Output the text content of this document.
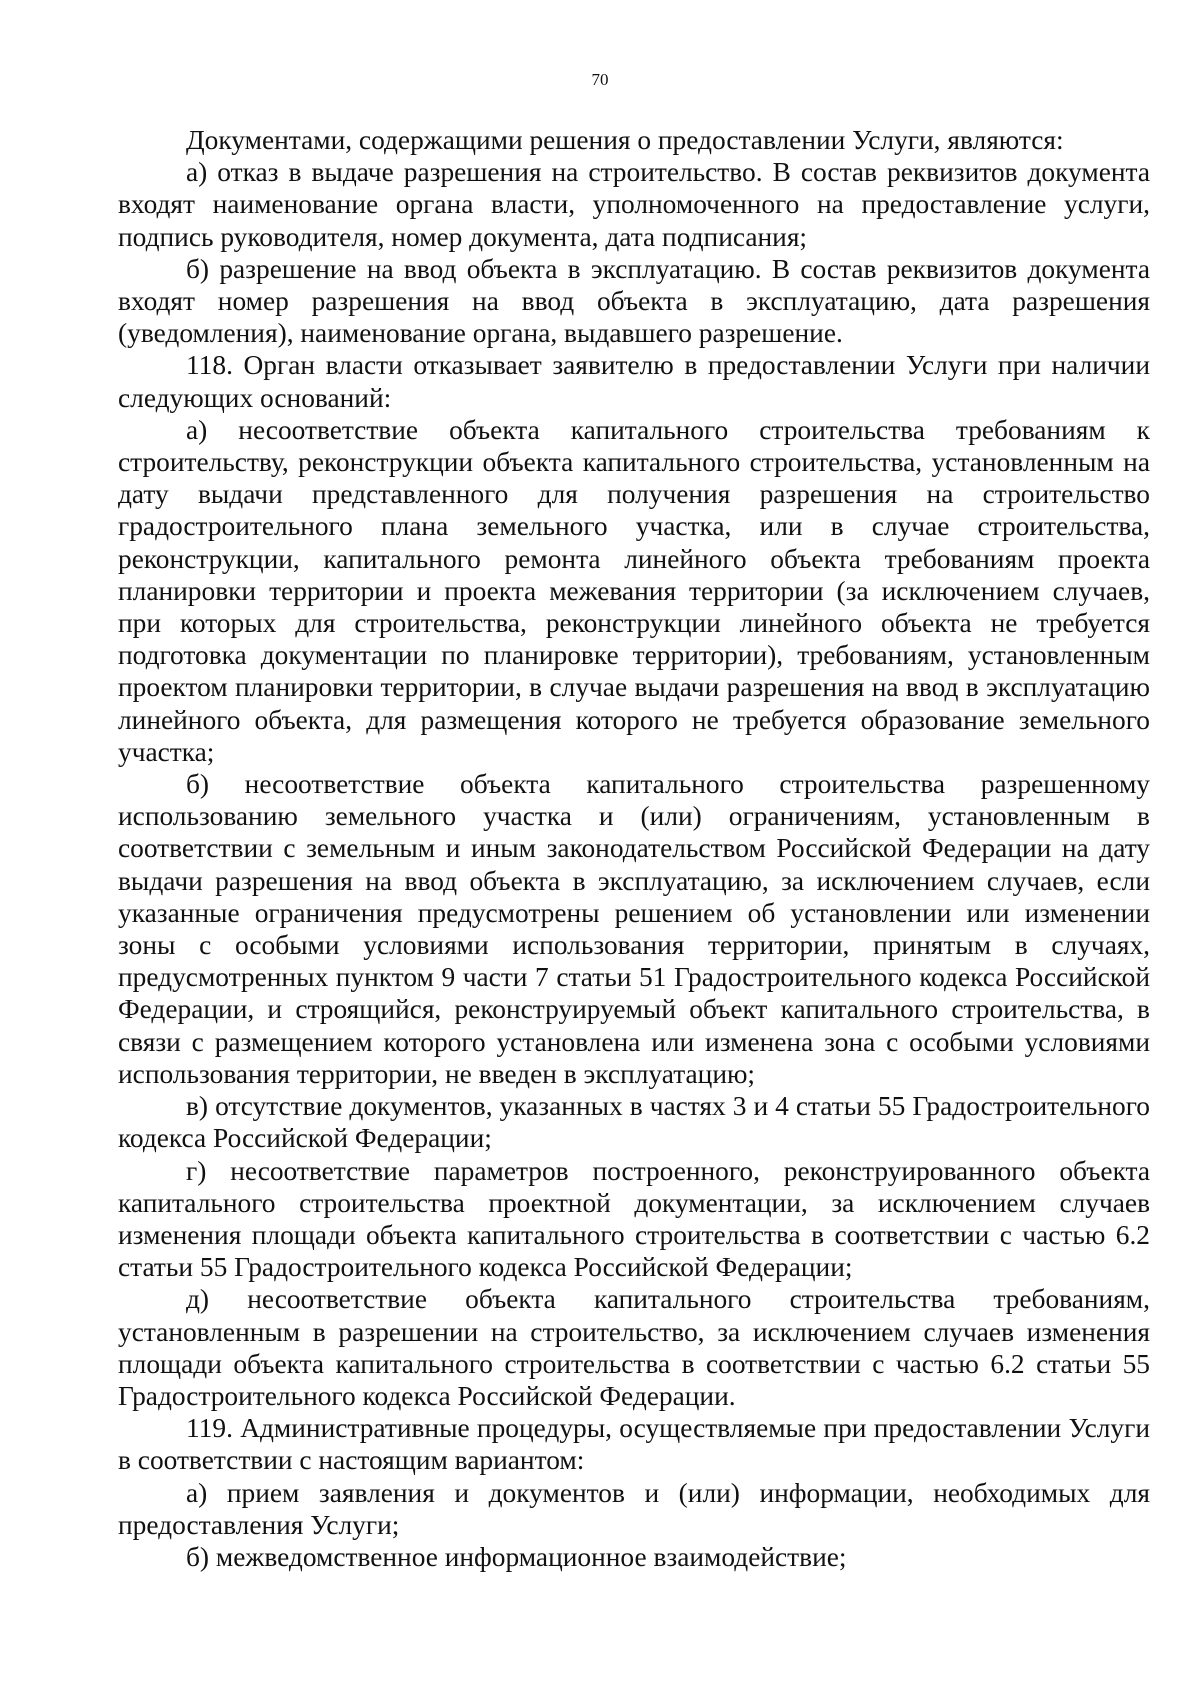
70

Документами, содержащими решения о предоставлении Услуги, являются:

а) отказ в выдаче разрешения на строительство. В состав реквизитов документа входят наименование органа власти, уполномоченного на предоставление услуги, подпись руководителя, номер документа, дата подписания;

б) разрешение на ввод объекта в эксплуатацию. В состав реквизитов документа входят номер разрешения на ввод объекта в эксплуатацию, дата разрешения (уведомления), наименование органа, выдавшего разрешение.

118. Орган власти отказывает заявителю в предоставлении Услуги при наличии следующих оснований:

а) несоответствие объекта капитального строительства требованиям к строительству, реконструкции объекта капитального строительства, установленным на дату выдачи представленного для получения разрешения на строительство градостроительного плана земельного участка, или в случае строительства, реконструкции, капитального ремонта линейного объекта требованиям проекта планировки территории и проекта межевания территории (за исключением случаев, при которых для строительства, реконструкции линейного объекта не требуется подготовка документации по планировке территории), требованиям, установленным проектом планировки территории, в случае выдачи разрешения на ввод в эксплуатацию линейного объекта, для размещения которого не требуется образование земельного участка;

б) несоответствие объекта капитального строительства разрешенному использованию земельного участка и (или) ограничениям, установленным в соответствии с земельным и иным законодательством Российской Федерации на дату выдачи разрешения на ввод объекта в эксплуатацию, за исключением случаев, если указанные ограничения предусмотрены решением об установлении или изменении зоны с особыми условиями использования территории, принятым в случаях, предусмотренных пунктом 9 части 7 статьи 51 Градостроительного кодекса Российской Федерации, и строящийся, реконструируемый объект капитального строительства, в связи с размещением которого установлена или изменена зона с особыми условиями использования территории, не введен в эксплуатацию;

в) отсутствие документов, указанных в частях 3 и 4 статьи 55 Градостроительного кодекса Российской Федерации;

г) несоответствие параметров построенного, реконструированного объекта капитального строительства проектной документации, за исключением случаев изменения площади объекта капитального строительства в соответствии с частью 6.2 статьи 55 Градостроительного кодекса Российской Федерации;

д) несоответствие объекта капитального строительства требованиям, установленным в разрешении на строительство, за исключением случаев изменения площади объекта капитального строительства в соответствии с частью 6.2 статьи 55 Градостроительного кодекса Российской Федерации.

119. Административные процедуры, осуществляемые при предоставлении Услуги в соответствии с настоящим вариантом:

а) прием заявления и документов и (или) информации, необходимых для предоставления Услуги;

б) межведомственное информационное взаимодействие;
